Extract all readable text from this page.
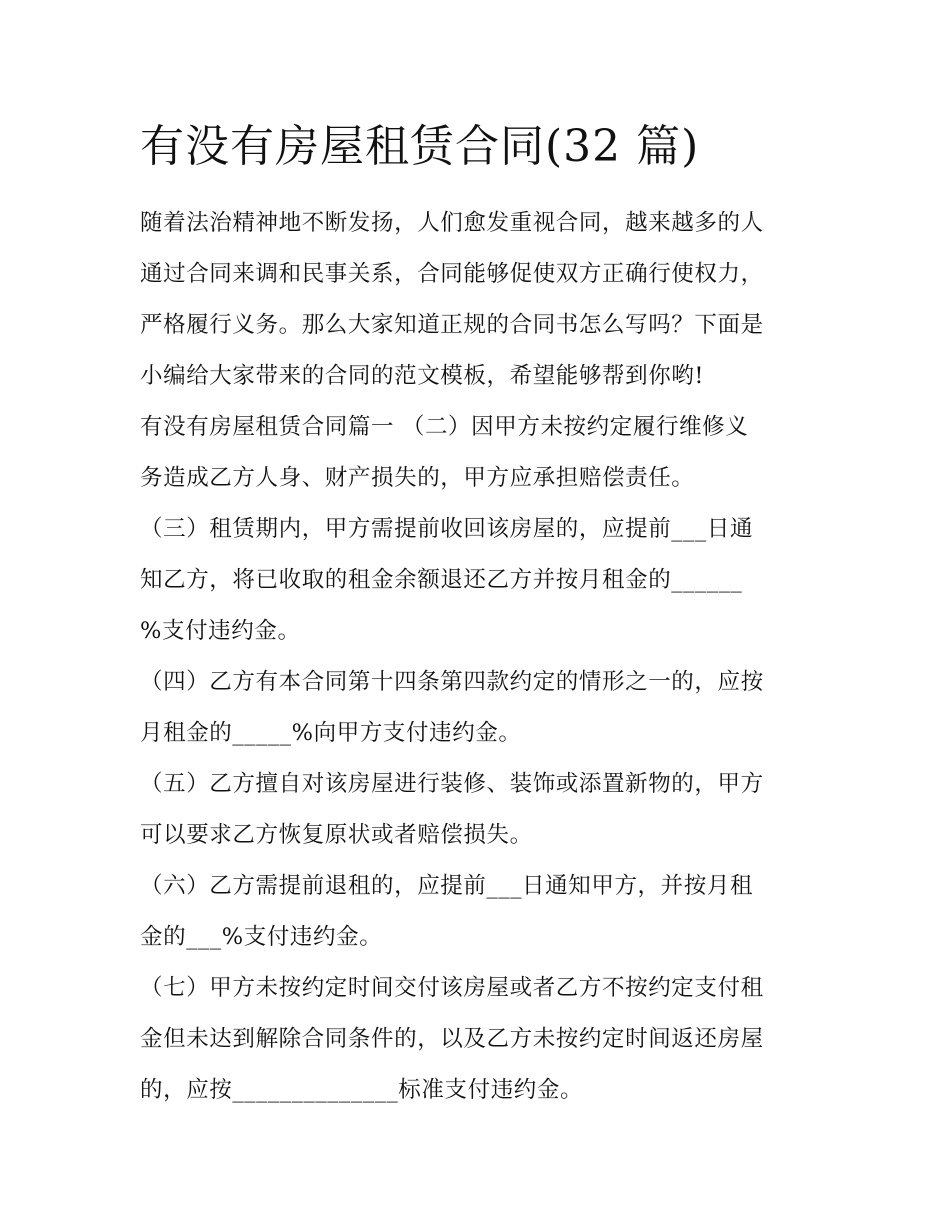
有没有房屋租赁合同(32 篇)
随着法治精神地不断发扬，人们愈发重视合同，越来越多的人
通过合同来调和民事关系，合同能够促使双方正确行使权力，
严格履行义务。那么大家知道正规的合同书怎么写吗？下面是
小编给大家带来的合同的范文模板，希望能够帮到你哟!
有没有房屋租赁合同篇一 （二）因甲方未按约定履行维修义
务造成乙方人身、财产损失的，甲方应承担赔偿责任。
（三）租赁期内，甲方需提前收回该房屋的，应提前___日通
知乙方，将已收取的租金余额退还乙方并按月租金的______
%支付违约金。
（四）乙方有本合同第十四条第四款约定的情形之一的，应按
月租金的_____%向甲方支付违约金。
（五）乙方擅自对该房屋进行装修、装饰或添置新物的，甲方
可以要求乙方恢复原状或者赔偿损失。
（六）乙方需提前退租的，应提前___日通知甲方，并按月租
金的___%支付违约金。
（七）甲方未按约定时间交付该房屋或者乙方不按约定支付租
金但未达到解除合同条件的，以及乙方未按约定时间返还房屋
的，应按______________标准支付违约金。
